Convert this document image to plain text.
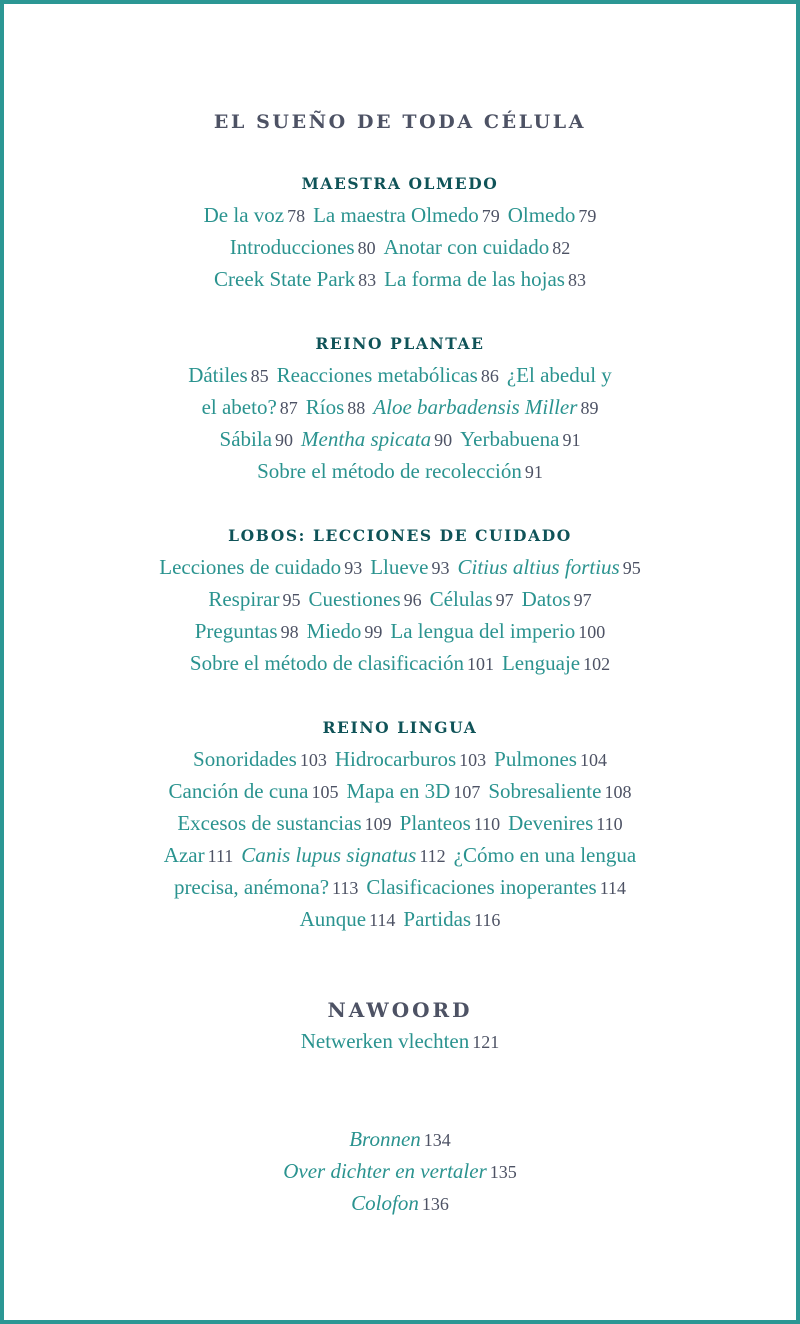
EL SUEÑO DE TODA CÉLULA
MAESTRA OLMEDO
De la voz 78 La maestra Olmedo 79 Olmedo 79
Introducciones 80 Anotar con cuidado 82
Creek State Park 83 La forma de las hojas 83
REINO PLANTAE
Dátiles 85 Reacciones metabólicas 86 ¿El abedul y
el abeto? 87 Ríos 88 Aloe barbadensis Miller 89
Sábila 90 Mentha spicata 90 Yerbabuena 91
Sobre el método de recolección 91
LOBOS: LECCIONES DE CUIDADO
Lecciones de cuidado 93 Llueve 93 Citius altius fortius 95
Respirar 95 Cuestiones 96 Células 97 Datos 97
Preguntas 98 Miedo 99 La lengua del imperio 100
Sobre el método de clasificación 101 Lenguaje 102
REINO LINGUA
Sonoridades 103 Hidrocarburos 103 Pulmones 104
Canción de cuna 105 Mapa en 3D 107 Sobresaliente 108
Excesos de sustancias 109 Planteos 110 Devenires 110
Azar 111 Canis lupus signatus 112 ¿Cómo en una lengua
precisa, anémona? 113 Clasificaciones inoperantes 114
Aunque 114 Partidas 116
NAWOORD
Netwerken vlechten 121
Bronnen 134
Over dichter en vertaler 135
Colofon 136
